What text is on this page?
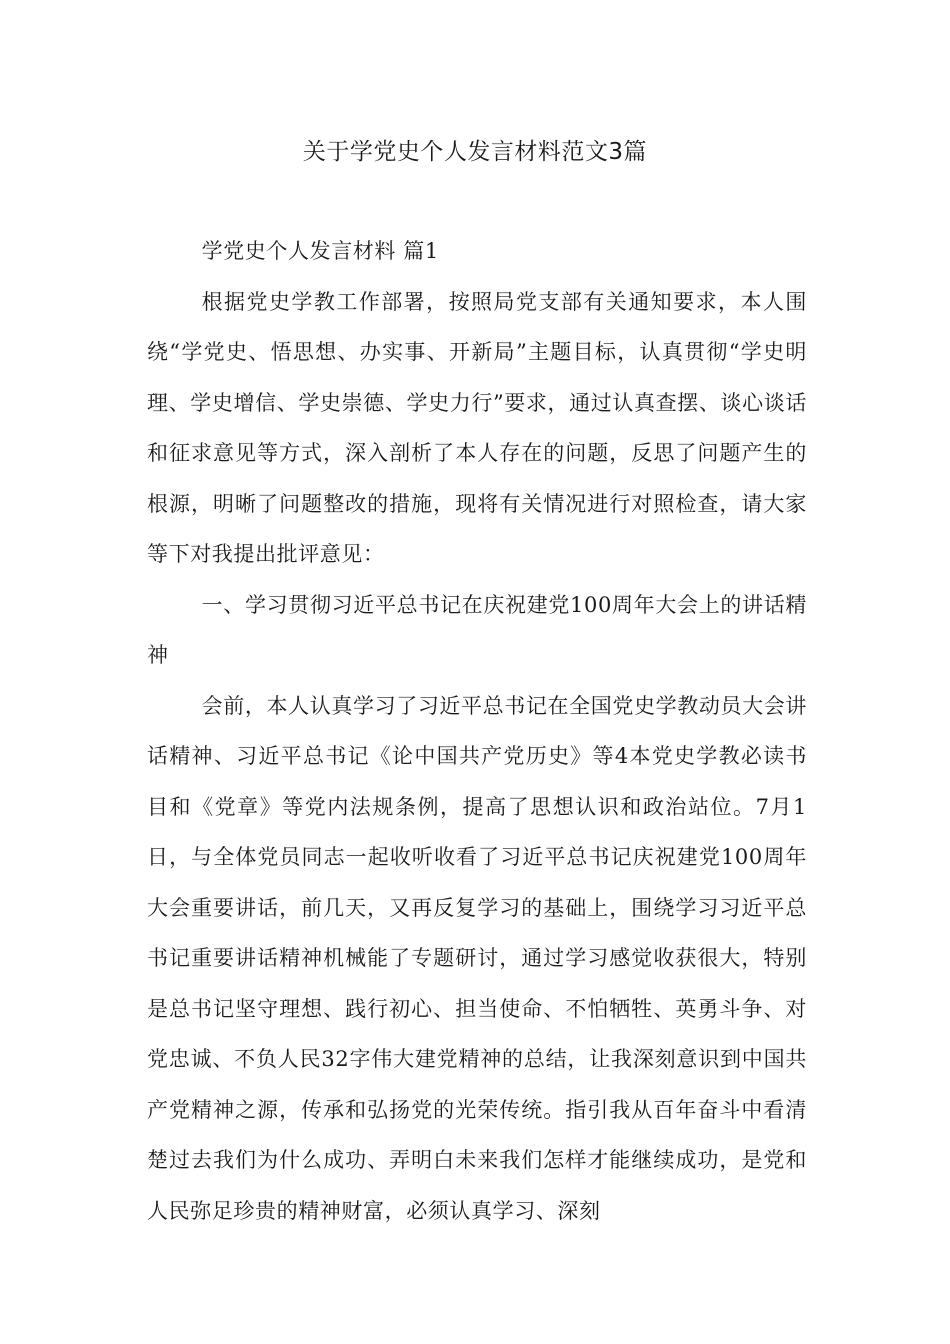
关于学党史个人发言材料范文3篇

学党史个人发言材料 篇1

根据党史学教工作部署，按照局党支部有关通知要求，本人围绕“学党史、悟思想、办实事、开新局”主题目标，认真贯彻“学史明理、学史增信、学史崇德、学史力行”要求，通过认真查摆、谈心谈话和征求意见等方式，深入剖析了本人存在的问题，反思了问题产生的根源，明晰了问题整改的措施，现将有关情况进行对照检查，请大家等下对我提出批评意见：

一、学习贯彻习近平总书记在庆祝建党100周年大会上的讲话精神

会前，本人认真学习了习近平总书记在全国党史学教动员大会讲话精神、习近平总书记《论中国共产党历史》等4本党史学教必读书目和《党章》等党内法规条例，提高了思想认识和政治站位。7月1日，与全体党员同志一起收听收看了习近平总书记庆祝建党100周年大会重要讲话，前几天，又再反复学习的基础上，围绕学习习近平总书记重要讲话精神机械能了专题研讨，通过学习感觉收获很大，特别是总书记坚守理想、践行初心、担当使命、不怕牺牲、英勇斗争、对党忠诚、不负人民32字伟大建党精神的总结，让我深刻意识到中国共产党精神之源，传承和弘扬党的光荣传统。指引我从百年奋斗中看清楚过去我们为什么成功、弄明白未来我们怎样才能继续成功，是党和人民弥足珍贵的精神财富，必须认真学习、深刻
